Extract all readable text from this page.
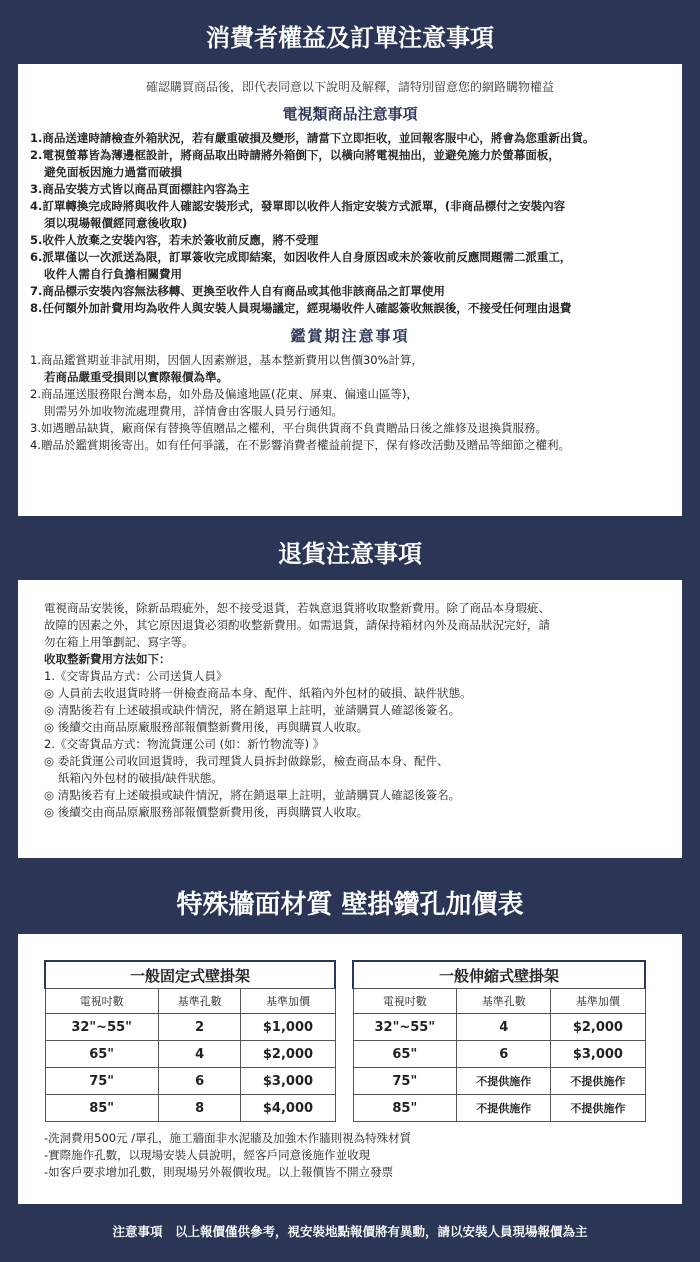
消費者權益及訂單注意事項
確認購買商品後，即代表同意以下說明及解釋，請特別留意您的網路購物權益
電視類商品注意事項
1.商品送達時請檢查外箱狀況，若有嚴重破損及變形，請當下立即拒收，並回報客服中心，將會為您重新出貨。
2.電視螢幕皆為薄邊框設計，將商品取出時請將外箱倒下，以橫向將電視抽出，並避免施力於螢幕面板，
避免面板因施力過當而破損
3.商品安裝方式皆以商品頁面標註內容為主
4.訂單轉換完成時將與收件人確認安裝形式，發單即以收件人指定安裝方式派單，(非商品標付之安裝內容
須以現場報價經同意後收取)
5.收件人放棄之安裝內容，若未於簽收前反應，將不受理
6.派單僅以一次派送為限，訂單簽收完成即結案，如因收件人自身原因或未於簽收前反應問題需二派重工，
收件人需自行負擔相關費用
7.商品標示安裝內容無法移轉、更換至收件人自有商品或其他非該商品之訂單使用
8.任何額外加計費用均為收件人與安裝人員現場議定，經現場收件人確認簽收無誤後，不接受任何理由退費
鑑賞期注意事項
1.商品鑑賞期並非試用期，因個人因素辦退，基本整新費用以售價30%計算，
若商品嚴重受損則以實際報價為準。
2.商品運送服務限台灣本島，如外島及偏遠地區(花東、屏東、偏遠山區等)，
則需另外加收物流處理費用，詳情會由客服人員另行通知。
3.如遇贈品缺貨，廠商保有替換等值贈品之權利，平台與供貨商不負責贈品日後之維修及退換貨服務。
4.贈品於鑑賞期後寄出。如有任何爭議，在不影響消費者權益前提下，保有修改活動及贈品等細節之權利。
退貨注意事項
電視商品安裝後，除新品瑕疵外，恕不接受退貨，若執意退貨將收取整新費用。除了商品本身瑕疵、
故障的因素之外，其它原因退貨必須酌收整新費用。如需退貨，請保持箱材內外及商品狀況完好，請
勿在箱上用筆劃記、寫字等。
收取整新費用方法如下：
1.《交寄貨品方式：公司送貨人員》
◎ 人員前去收退貨時將一併檢查商品本身、配件、紙箱內外包材的破損、缺件狀態。
◎ 清點後若有上述破損或缺件情況，將在銷退單上註明，並請購買人確認後簽名。
◎ 後續交由商品原廠服務部報價整新費用後，再與購買人收取。
2.《交寄貨品方式：物流貨運公司 (如：新竹物流等) 》
◎ 委託貨運公司收回退貨時，我司理貨人員拆封做錄影，檢查商品本身、配件、
紙箱內外包材的破損/缺件狀態。
◎ 清點後若有上述破損或缺件情況，將在銷退單上註明，並請購買人確認後簽名。
◎ 後續交由商品原廠服務部報價整新費用後，再與購買人收取。
特殊牆面材質 壁掛鑽孔加價表
一般固定式壁掛架		
電視吋數	基準孔數	基準加價
32"~55"	2	$1,000
65"	4	$2,000
75"	6	$3,000
85"	8	$4,000
一般伸縮式壁掛架		
電視吋數	基準孔數	基準加價
32"~55"	4	$2,000
65"	6	$3,000
75"	不提供施作	不提供施作
85"	不提供施作	不提供施作
-洗洞費用500元 /單孔，施工牆面非水泥牆及加強木作牆則視為特殊材質
-實際施作孔數，以現場安裝人員說明，經客戶同意後施作並收現
-如客戶要求增加孔數，則現場另外報價收現。以上報價皆不開立發票
注意事項　以上報價僅供參考，視安裝地點報價將有異動，請以安裝人員現場報價為主
